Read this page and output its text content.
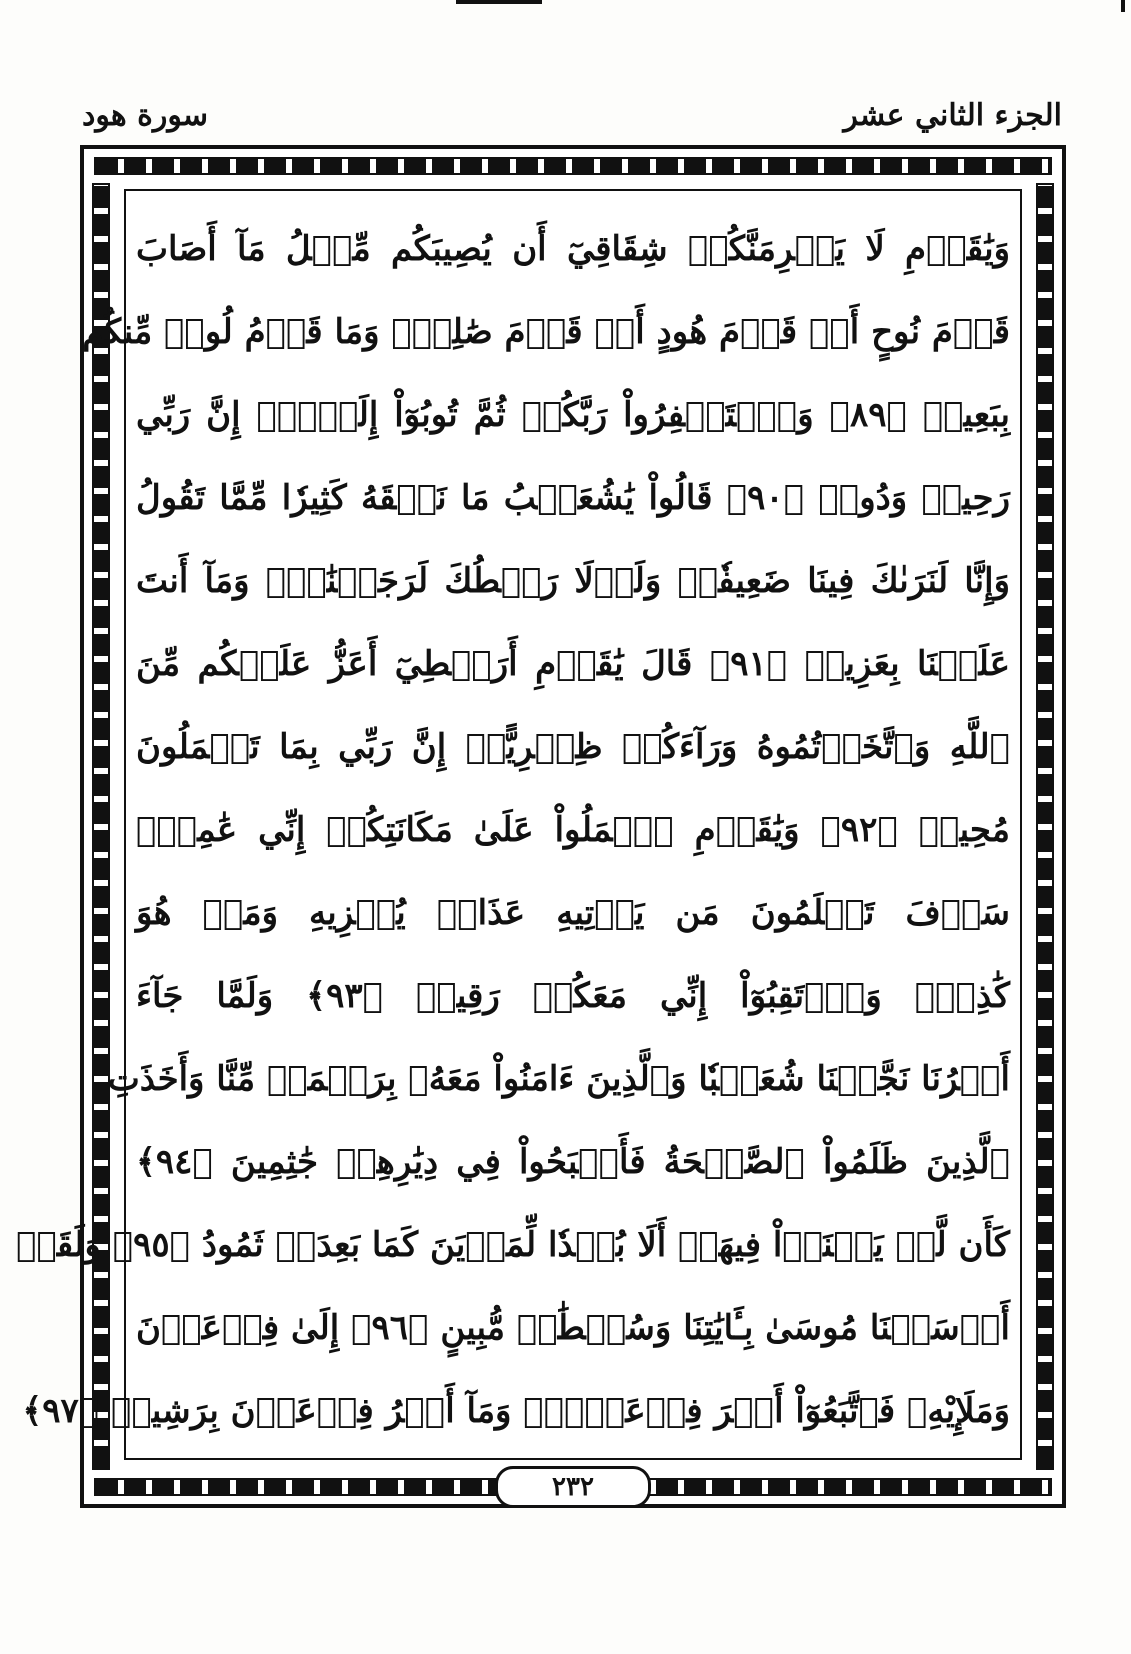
الجزء الثاني عشر
سورة هود
وَيَٰقَوۡمِ لَا يَجۡرِمَنَّكُمۡ شِقَاقِيٓ أَن يُصِيبَكُم مِّثۡلُ مَآ أَصَابَ
قَوۡمَ نُوحٍ أَوۡ قَوۡمَ هُودٍ أَوۡ قَوۡمَ صَٰلِحٖۚ وَمَا قَوۡمُ لُوطٖ مِّنكُم
بِبَعِيدٖ ﴿٨٩﴾ وَٱسۡتَغۡفِرُواْ رَبَّكُمۡ ثُمَّ تُوبُوٓاْ إِلَيۡهِۚ إِنَّ رَبِّي
رَحِيمٞ وَدُودٞ ﴿٩٠﴾ قَالُواْ يَٰشُعَيۡبُ مَا نَفۡقَهُ كَثِيرٗا مِّمَّا تَقُولُ
وَإِنَّا لَنَرَىٰكَ فِينَا ضَعِيفٗاۖ وَلَوۡلَا رَهۡطُكَ لَرَجَمۡنَٰكَۖ وَمَآ أَنتَ
عَلَيۡنَا بِعَزِيزٖ ﴿٩١﴾ قَالَ يَٰقَوۡمِ أَرَهۡطِيٓ أَعَزُّ عَلَيۡكُم مِّنَ
ٱللَّهِ وَٱتَّخَذۡتُمُوهُ وَرَآءَكُمۡ ظِهۡرِيًّاۖ إِنَّ رَبِّي بِمَا تَعۡمَلُونَ
مُحِيطٞ ﴿٩٢﴾ وَيَٰقَوۡمِ ٱعۡمَلُواْ عَلَىٰ مَكَانَتِكُمۡ إِنِّي عَٰمِلٞۖ
سَوۡفَ تَعۡلَمُونَ مَن يَأۡتِيهِ عَذَابٞ يُخۡزِيهِ وَمَنۡ هُوَ
كَٰذِبٞۖ وَٱرۡتَقِبُوٓاْ إِنِّي مَعَكُمۡ رَقِيبٞ ﴿٩٣﴾ وَلَمَّا جَآءَ
أَمۡرُنَا نَجَّيۡنَا شُعَيۡبٗا وَٱلَّذِينَ ءَامَنُواْ مَعَهُۥ بِرَحۡمَةٖ مِّنَّا وَأَخَذَتِ
ٱلَّذِينَ ظَلَمُواْ ٱلصَّيۡحَةُ فَأَصۡبَحُواْ فِي دِيَٰرِهِمۡ جَٰثِمِينَ ﴿٩٤﴾
كَأَن لَّمۡ يَغۡنَوۡاْ فِيهَآۗ أَلَا بُعۡدٗا لِّمَدۡيَنَ كَمَا بَعِدَتۡ ثَمُودُ ﴿٩٥﴾ وَلَقَدۡ
أَرۡسَلۡنَا مُوسَىٰ بِـَٔايَٰتِنَا وَسُلۡطَٰنٖ مُّبِينٍ ﴿٩٦﴾ إِلَىٰ فِرۡعَوۡنَ
وَمَلَإِيْهِۦ فَٱتَّبَعُوٓاْ أَمۡرَ فِرۡعَوۡنَۖ وَمَآ أَمۡرُ فِرۡعَوۡنَ بِرَشِيدٖ ﴿٩٧﴾
٢٣٢
